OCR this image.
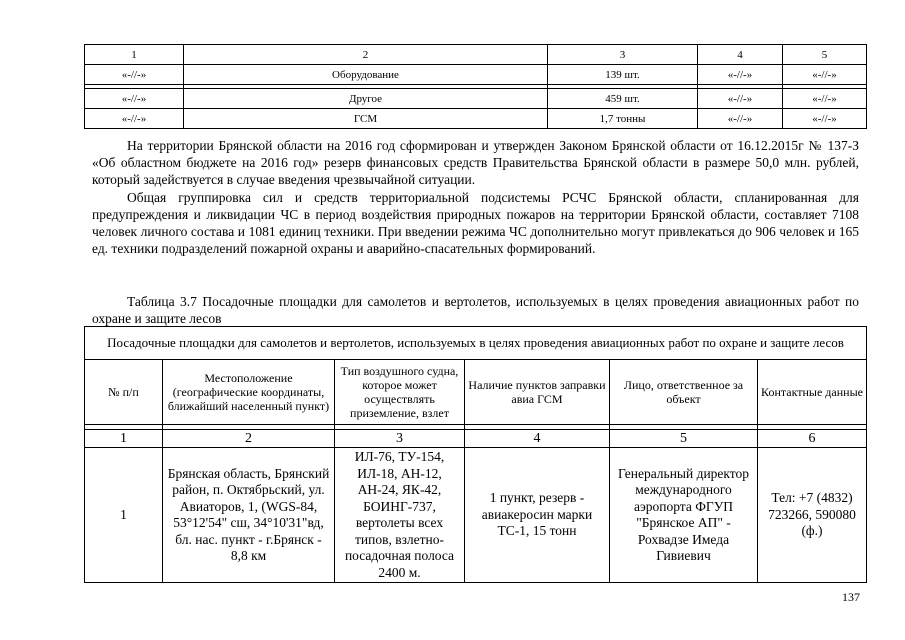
1	2	3	4	5
«-//-»	Оборудование	139 шт.	«-//-»	«-//-»

«-//-»	Другое	459 шт.	«-//-»	«-//-»
«-//-»	ГСМ	1,7 тонны	«-//-»	«-//-»

На территории Брянской области на 2016 год сформирован и утвержден Законом Брянской области от 16.12.2015г № 137-З «Об областном бюджете на 2016 год» резерв финансовых средств Правительства Брянской области в размере 50,0 млн. рублей, который задействуется в случае введения чрезвычайной ситуации.

Общая группировка сил и средств территориальной подсистемы РСЧС Брянской области, спланированная для предупреждения и ликвидации ЧС в период воздействия природных пожаров на территории Брянской области, составляет 7108 человек личного состава и 1081 единиц техники. При введении режима ЧС дополнительно могут привлекаться до 906 человек и 165 ед. техники подразделений пожарной охраны и аварийно-спасательных формирований.

Таблица 3.7 Посадочные площадки для самолетов и вертолетов, используемых в целях проведения авиационных работ по охране и защите лесов

Посадочные площадки для самолетов и вертолетов, используемых в целях проведения авиационных работ по охране и защите лесов					
№ п/п	Местоположение (географические координаты, ближайший населенный пункт)	Тип воздушного судна, которое может осуществлять приземление, взлет	Наличие пунктов заправки авиа ГСМ	Лицо, ответственное за объект	Контактные данные

1	2	3	4	5	6
1	Брянская область, Брянский район, п. Октябрьский, ул. Авиаторов, 1, (WGS-84, 53°12'54" сш, 34°10'31"вд, бл. нас. пункт - г.Брянск - 8,8 км	ИЛ-76, ТУ-154, ИЛ-18, АН-12, АН-24, ЯК-42, БОИНГ-737, вертолеты всех типов, взлетно-посадочная полоса 2400 м.	1 пункт, резерв - авиакеросин марки ТС-1, 15 тонн	Генеральный директор международного аэропорта ФГУП "Брянское АП" - Рохвадзе Имеда Гивиевич	Тел: +7 (4832) 723266, 590080 (ф.)
137
